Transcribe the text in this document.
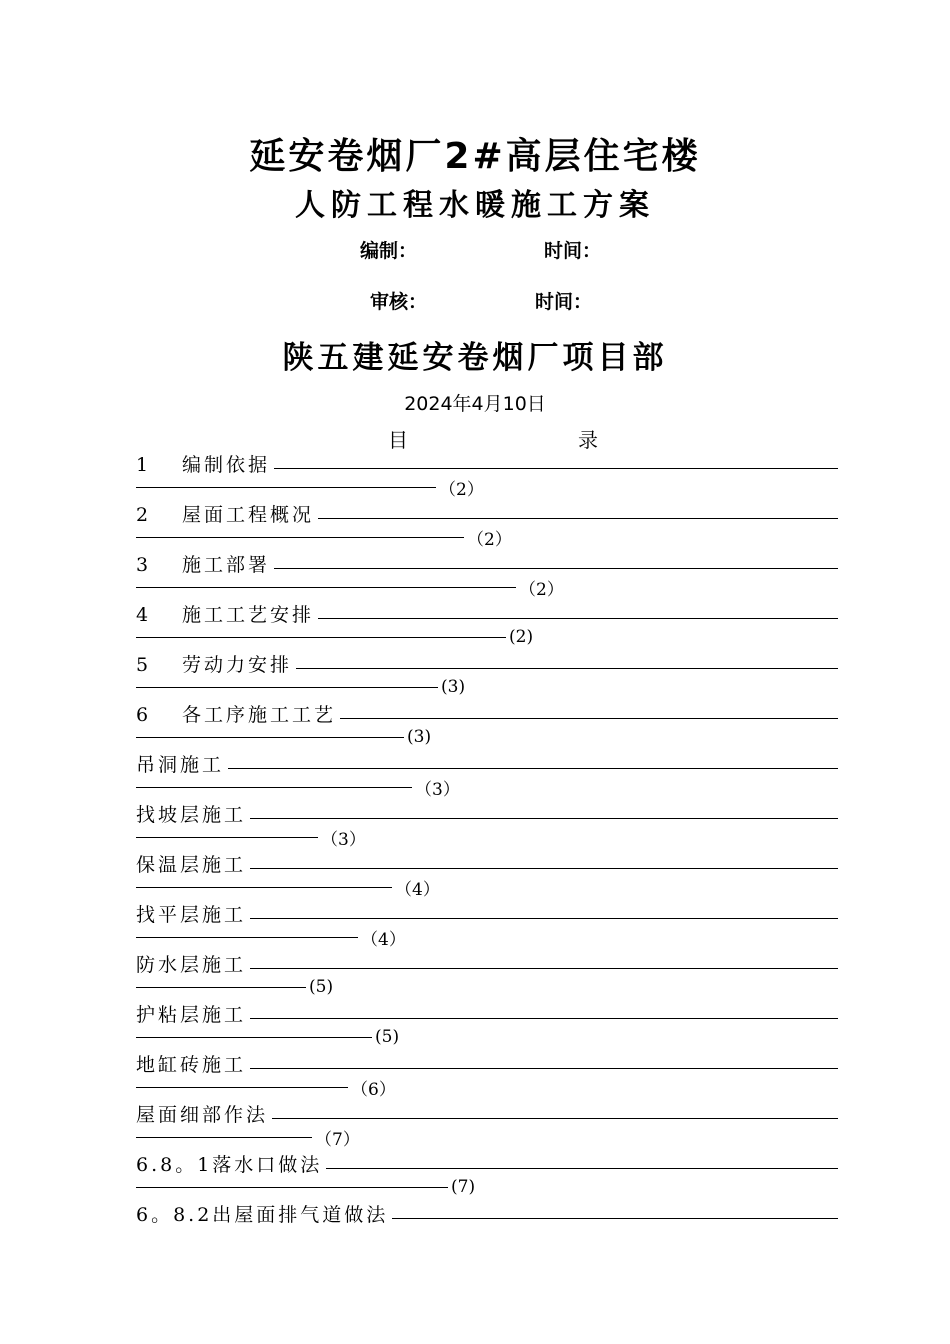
延安卷烟厂2#高层住宅楼
人防工程水暖施工方案
编制：	时间：
审核：	时间：
陕五建延安卷烟厂项目部
2024年4月10日
目	录
1 编制依据
（2）
2 屋面工程概况
（2）
3 施工部署
（2）
4 施工工艺安排
(2)
5 劳动力安排
(3)
6 各工序施工工艺
(3)
吊洞施工
（3）
找坡层施工
（3）
保温层施工
（4）
找平层施工
（4）
防水层施工
(5)
护粘层施工
(5)
地缸砖施工
（6）
屋面细部作法
（7）
6.8。1落水口做法
(7)
6。8.2出屋面排气道做法
